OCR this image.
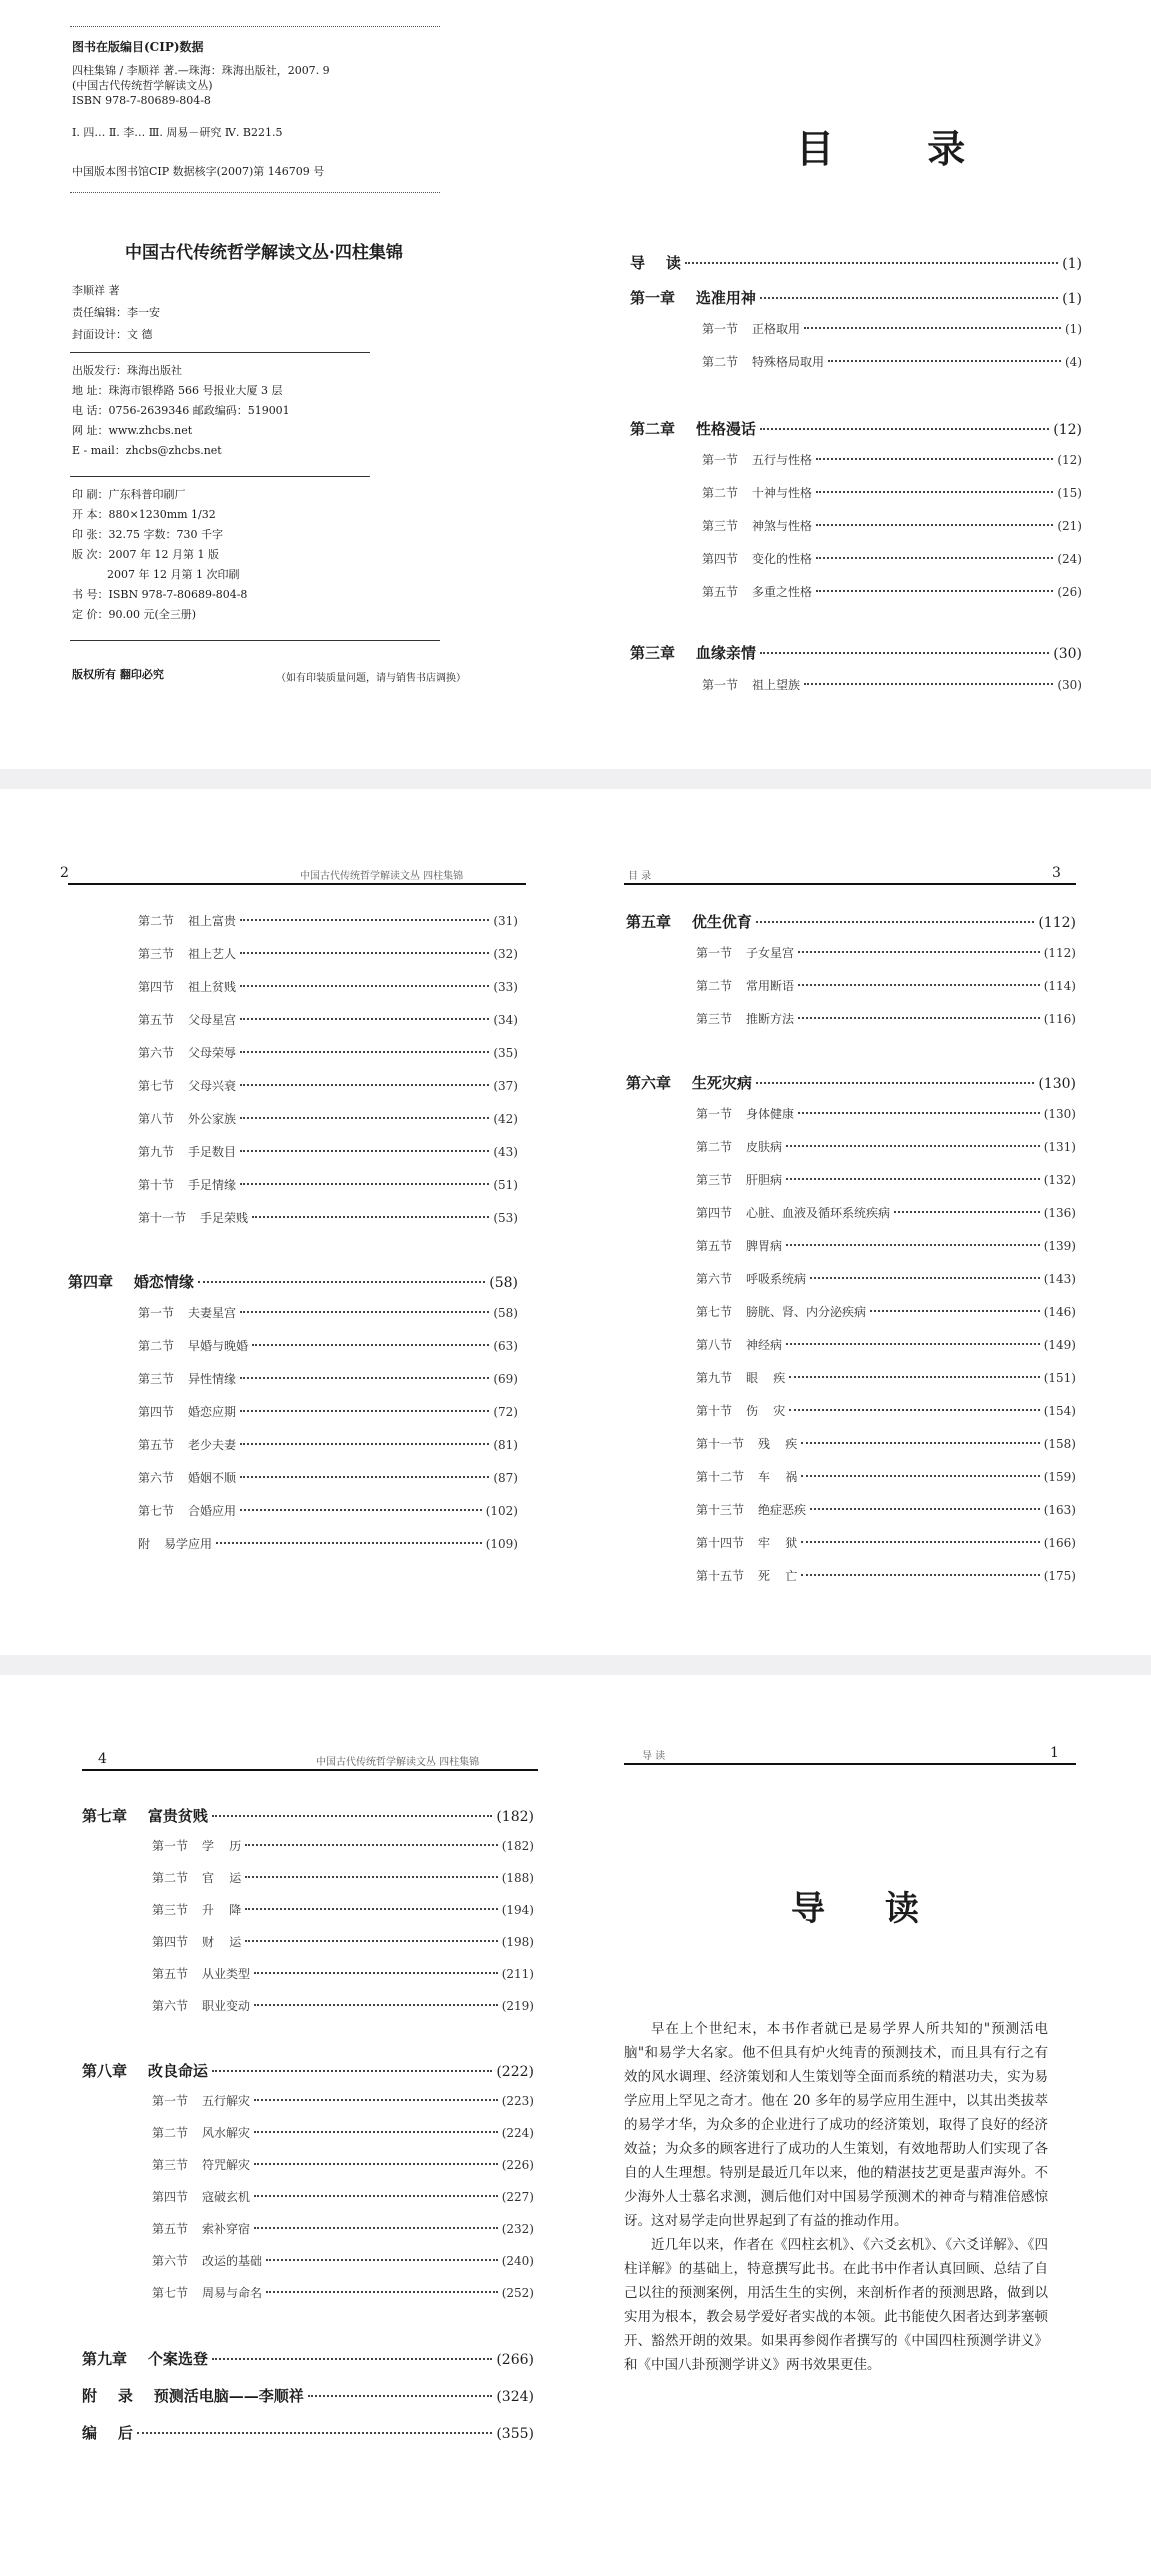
图书在版编目(CIP)数据
四柱集锦 / 李顺祥 著.—珠海：珠海出版社，2007. 9
(中国古代传统哲学解读文丛)
ISBN 978-7-80689-804-8
Ⅰ. 四… Ⅱ. 李… Ⅲ. 周易－研究 Ⅳ. B221.5
中国版本图书馆CIP 数据核字(2007)第 146709 号
中国古代传统哲学解读文丛·四柱集锦
李顺祥 著
责任编辑：李一安
封面设计：文 德
出版发行：珠海出版社
地 址：珠海市银桦路 566 号报业大厦 3 层
电 话：0756-2639346 邮政编码：519001
网 址：www.zhcbs.net
E - mail：zhcbs@zhcbs.net
印 刷：广东科普印刷厂
开 本：880×1230mm 1/32
印 张：32.75 字数：730 千字
版 次：2007 年 12 月第 1 版
2007 年 12 月第 1 次印刷
书 号：ISBN 978-7-80689-804-8
定 价：90.00 元(全三册)
版权所有 翻印必究	（如有印装质量问题，请与销售书店调换）
目 录
导    读	(1)
第一章    选准用神	(1)
第一节 正格取用	(1)
第二节 特殊格局取用	(4)
第二章    性格漫话	(12)
第一节 五行与性格	(12)
第二节 十神与性格	(15)
第三节 神煞与性格	(21)
第四节 变化的性格	(24)
第五节 多重之性格	(26)
第三章    血缘亲情	(30)
第一节 祖上望族	(30)
2	中国古代传统哲学解读文丛 四柱集锦
第二节 祖上富贵	(31)
第三节 祖上艺人	(32)
第四节 祖上贫贱	(33)
第五节 父母星宫	(34)
第六节 父母荣辱	(35)
第七节 父母兴衰	(37)
第八节 外公家族	(42)
第九节 手足数目	(43)
第十节 手足情缘	(51)
第十一节 手足荣贱	(53)
第四章    婚恋情缘	(58)
第一节 夫妻星宫	(58)
第二节 早婚与晚婚	(63)
第三节 异性情缘	(69)
第四节 婚恋应期	(72)
第五节 老少夫妻	(81)
第六节 婚姻不顺	(87)
第七节 合婚应用	(102)
附 易学应用	(109)
目 录	3
第五章    优生优育	(112)
第一节 子女星宫	(112)
第二节 常用断语	(114)
第三节 推断方法	(116)
第六章    生死灾病	(130)
第一节 身体健康	(130)
第二节 皮肤病	(131)
第三节 肝胆病	(132)
第四节 心脏、血液及循环系统疾病	(136)
第五节 脾胃病	(139)
第六节 呼吸系统病	(143)
第七节 膀胱、肾、内分泌疾病	(146)
第八节 神经病	(149)
第九节 眼    疾	(151)
第十节 伤    灾	(154)
第十一节 残    疾	(158)
第十二节 车    祸	(159)
第十三节 绝症恶疾	(163)
第十四节 牢    狱	(166)
第十五节 死    亡	(175)
4	中国古代传统哲学解读文丛 四柱集锦
第七章    富贵贫贱	(182)
第一节 学    历	(182)
第二节 官    运	(188)
第三节 升    降	(194)
第四节 财    运	(198)
第五节 从业类型	(211)
第六节 职业变动	(219)
第八章    改良命运	(222)
第一节 五行解灾	(223)
第二节 风水解灾	(224)
第三节 符咒解灾	(226)
第四节 寇破玄机	(227)
第五节 索补穿宿	(232)
第六节 改运的基础	(240)
第七节 周易与命名	(252)
第九章    个案选登	(266)
附    录    预测活电脑——李顺祥	(324)
编    后	(355)
导 读	1
导 读

早在上个世纪末，本书作者就已是易学界人所共知的"预测活电脑"和易学大名家。他不但具有炉火纯青的预测技术，而且具有行之有效的风水调理、经济策划和人生策划等全面而系统的精湛功夫，实为易学应用上罕见之奇才。他在 20 多年的易学应用生涯中，以其出类拔萃的易学才华，为众多的企业进行了成功的经济策划，取得了良好的经济效益；为众多的顾客进行了成功的人生策划，有效地帮助人们实现了各自的人生理想。特别是最近几年以来，他的精湛技艺更是蜚声海外。不少海外人士慕名求测，测后他们对中国易学预测术的神奇与精准倍感惊讶。这对易学走向世界起到了有益的推动作用。

近几年以来，作者在《四柱玄机》、《六爻玄机》、《六爻详解》、《四柱详解》的基础上，特意撰写此书。在此书中作者认真回顾、总结了自己以往的预测案例，用活生生的实例，来剖析作者的预测思路，做到以实用为根本，教会易学爱好者实战的本领。此书能使久困者达到茅塞顿开、豁然开朗的效果。如果再参阅作者撰写的《中国四柱预测学讲义》和《中国八卦预测学讲义》两书效果更佳。
